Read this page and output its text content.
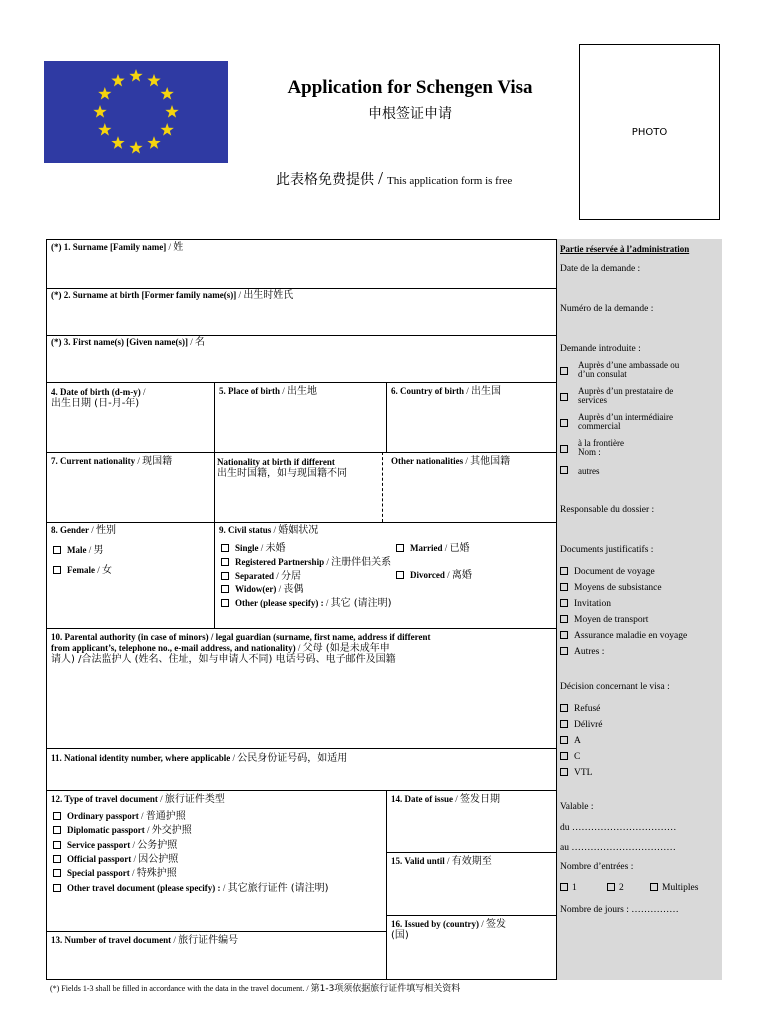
Application for Schengen Visa
申根签证申请
此表格免费提供 / This application form is free
PHOTO
(*) 1. Surname [Family name] / 姓
(*) 2. Surname at birth [Former family name(s)] / 出生时姓氏
(*) 3. First name(s) [Given name(s)] / 名
4. Date of birth (d-m-y) /
出生日期 (日-月-年)
5. Place of birth / 出生地	6. Country of birth / 出生国
7. Current nationality / 现国籍	Nationality at birth if different
出生时国籍，如与现国籍不同
Other nationalities / 其他国籍
8. Gender / 性别
Male / 男
Female / 女
9. Civil status / 婚姻状况
Single / 未婚	Married / 已婚
Registered Partnership / 注册伴侣关系
Separated / 分居	Divorced / 离婚
Widow(er) / 丧偶
Other (please specify) : / 其它 (请注明)
10. Parental authority (in case of minors) / legal guardian (surname, first name, address if different
from applicant’s, telephone no., e-mail address, and nationality) / 父母 (如是未成年申
请人) /合法监护人 (姓名、住址，如与申请人不同) 电话号码、电子邮件及国籍
11. National identity number, where applicable / 公民身份证号码，如适用
12. Type of travel document / 旅行证件类型
Ordinary passport / 普通护照
Diplomatic passport / 外交护照
Service passport / 公务护照
Official passport / 因公护照
Special passport / 特殊护照
Other travel document (please specify) : / 其它旅行证件 (请注明)
13. Number of travel document / 旅行证件编号
14. Date of issue / 签发日期
15. Valid until / 有效期至
16. Issued by (country) / 签发
(国)
Partie réservée à l’administration
Date de la demande :
Numéro de la demande :
Demande introduite :
Auprès d’une ambassade ou
d’un consulat
Auprès d’un prestataire de
services
Auprès d’un intermédiaire
commercial
à la frontière
Nom :
autres
Responsable du dossier :
Documents justificatifs :
Document de voyage
Moyens de subsistance
Invitation
Moyen de transport
Assurance maladie en voyage
Autres :
Décision concernant le visa :
Refusé
Délivré
A
C
VTL
Valable :
du ……………………………
au ……………………………
Nombre d’entrées :
1	2	Multiples
Nombre de jours : ……………
(*) Fields 1-3 shall be filled in accordance with the data in the travel document. / 第1-3项须依据旅行证件填写相关资料
